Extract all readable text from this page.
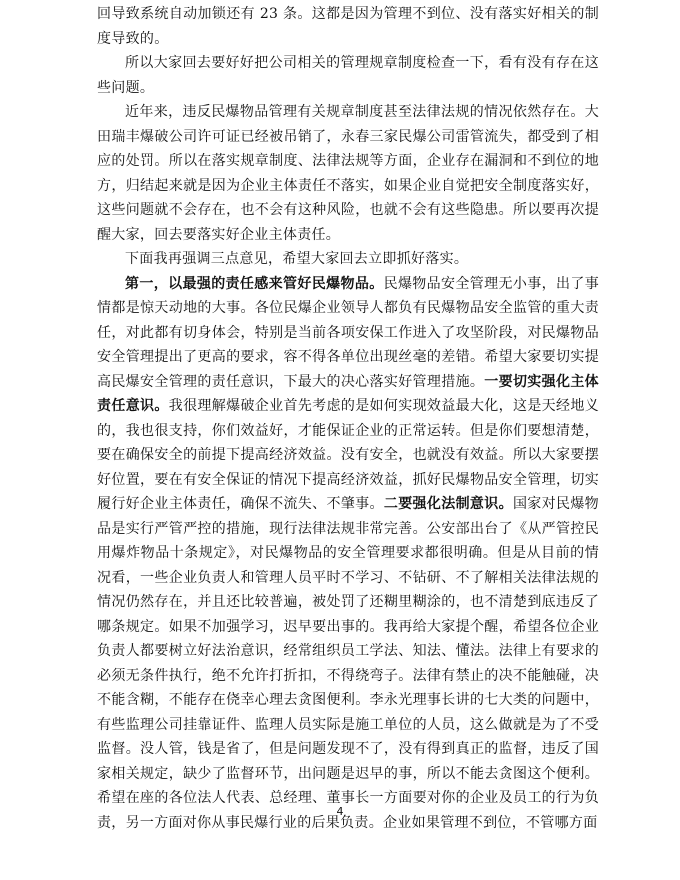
回导致系统自动加锁还有 23 条。这都是因为管理不到位、没有落实好相关的制度导致的。

所以大家回去要好好把公司相关的管理规章制度检查一下，看有没有存在这些问题。

近年来，违反民爆物品管理有关规章制度甚至法律法规的情况依然存在。大田瑞丰爆破公司许可证已经被吊销了，永春三家民爆公司雷管流失，都受到了相应的处罚。所以在落实规章制度、法律法规等方面，企业存在漏洞和不到位的地方，归结起来就是因为企业主体责任不落实，如果企业自觉把安全制度落实好，这些问题就不会存在，也不会有这种风险，也就不会有这些隐患。所以要再次提醒大家，回去要落实好企业主体责任。

下面我再强调三点意见，希望大家回去立即抓好落实。

第一，以最强的责任感来管好民爆物品。民爆物品安全管理无小事，出了事情都是惊天动地的大事。各位民爆企业领导人都负有民爆物品安全监管的重大责任，对此都有切身体会，特别是当前各项安保工作进入了攻坚阶段，对民爆物品安全管理提出了更高的要求，容不得各单位出现丝毫的差错。希望大家要切实提高民爆安全管理的责任意识，下最大的决心落实好管理措施。一要切实强化主体责任意识。我很理解爆破企业首先考虑的是如何实现效益最大化，这是天经地义的，我也很支持，你们效益好，才能保证企业的正常运转。但是你们要想清楚，要在确保安全的前提下提高经济效益。没有安全，也就没有效益。所以大家要摆好位置，要在有安全保证的情况下提高经济效益，抓好民爆物品安全管理，切实履行好企业主体责任，确保不流失、不肇事。二要强化法制意识。国家对民爆物品是实行严管严控的措施，现行法律法规非常完善。公安部出台了《从严管控民用爆炸物品十条规定》，对民爆物品的安全管理要求都很明确。但是从目前的情况看，一些企业负责人和管理人员平时不学习、不钻研、不了解相关法律法规的情况仍然存在，并且还比较普遍，被处罚了还糊里糊涂的，也不清楚到底违反了哪条规定。如果不加强学习，迟早要出事的。我再给大家提个醒，希望各位企业负责人都要树立好法治意识，经常组织员工学法、知法、懂法。法律上有要求的必须无条件执行，绝不允许打折扣，不得绕弯子。法律有禁止的决不能触碰，决不能含糊，不能存在侥幸心理去贪图便利。李永光理事长讲的七大类的问题中，有些监理公司挂靠证件、监理人员实际是施工单位的人员，这么做就是为了不受监督。没人管，钱是省了，但是问题发现不了，没有得到真正的监督，违反了国家相关规定，缺少了监督环节，出问题是迟早的事，所以不能去贪图这个便利。希望在座的各位法人代表、总经理、董事长一方面要对你的企业及员工的行为负责，另一方面对你从事民爆行业的后果负责。企业如果管理不到位，不管哪方面

4
